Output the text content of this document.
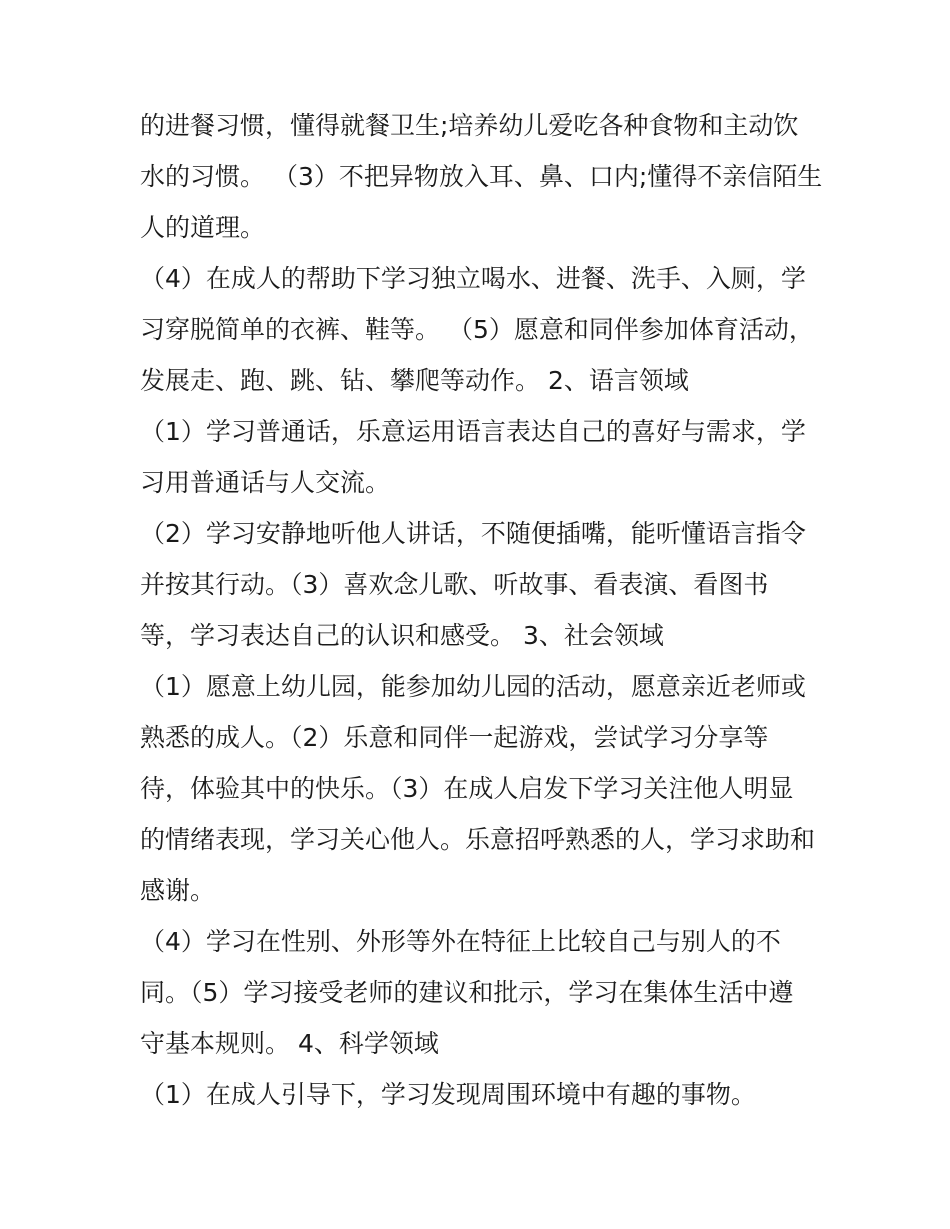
的进餐习惯，懂得就餐卫生;培养幼儿爱吃各种食物和主动饮
水的习惯。 （3）不把异物放入耳、鼻、口内;懂得不亲信陌生
人的道理。
（4）在成人的帮助下学习独立喝水、进餐、洗手、入厕，学
习穿脱简单的衣裤、鞋等。 （5）愿意和同伴参加体育活动，
发展走、跑、跳、钻、攀爬等动作。 2、语言领域
（1）学习普通话，乐意运用语言表达自己的喜好与需求，学
习用普通话与人交流。
（2）学习安静地听他人讲话，不随便插嘴，能听懂语言指令
并按其行动。（3）喜欢念儿歌、听故事、看表演、看图书
等，学习表达自己的认识和感受。 3、社会领域
（1）愿意上幼儿园，能参加幼儿园的活动，愿意亲近老师或
熟悉的成人。（2）乐意和同伴一起游戏，尝试学习分享等
待，体验其中的快乐。（3）在成人启发下学习关注他人明显
的情绪表现，学习关心他人。乐意招呼熟悉的人，学习求助和
感谢。
（4）学习在性别、外形等外在特征上比较自己与别人的不
同。（5）学习接受老师的建议和批示，学习在集体生活中遵
守基本规则。 4、科学领域
（1）在成人引导下，学习发现周围环境中有趣的事物。
